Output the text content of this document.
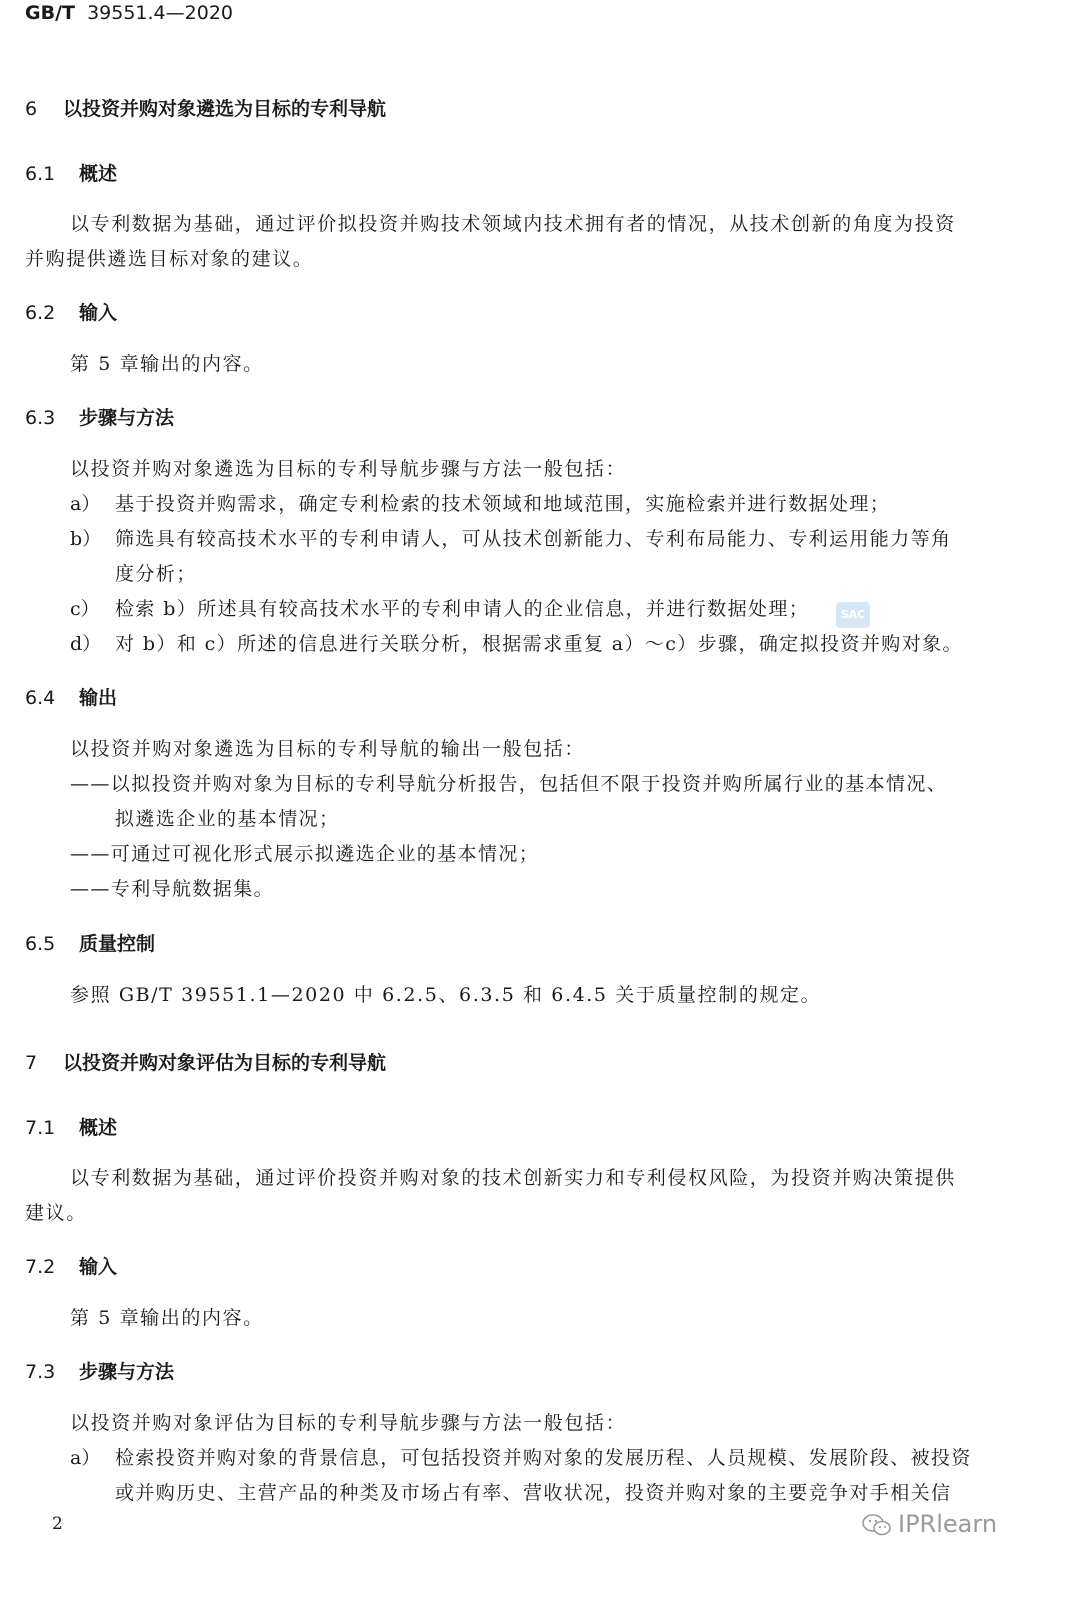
GB/T 39551.4—2020
6 以投资并购对象遴选为目标的专利导航
6.1 概述
以专利数据为基础，通过评价拟投资并购技术领域内技术拥有者的情况，从技术创新的角度为投资
并购提供遴选目标对象的建议。
6.2 输入
第 5 章输出的内容。
6.3 步骤与方法
以投资并购对象遴选为目标的专利导航步骤与方法一般包括：
a） 基于投资并购需求，确定专利检索的技术领域和地域范围，实施检索并进行数据处理；
b） 筛选具有较高技术水平的专利申请人，可从技术创新能力、专利布局能力、专利运用能力等角
度分析；
c） 检索 b）所述具有较高技术水平的专利申请人的企业信息，并进行数据处理；	SAC
d） 对 b）和 c）所述的信息进行关联分析，根据需求重复 a）～c）步骤，确定拟投资并购对象。
6.4 输出
以投资并购对象遴选为目标的专利导航的输出一般包括：
——以拟投资并购对象为目标的专利导航分析报告，包括但不限于投资并购所属行业的基本情况、
拟遴选企业的基本情况；
——可通过可视化形式展示拟遴选企业的基本情况；
——专利导航数据集。
6.5 质量控制
参照 GB/T 39551.1—2020 中 6.2.5、6.3.5 和 6.4.5 关于质量控制的规定。
7 以投资并购对象评估为目标的专利导航
7.1 概述
以专利数据为基础，通过评价投资并购对象的技术创新实力和专利侵权风险，为投资并购决策提供
建议。
7.2 输入
第 5 章输出的内容。
7.3 步骤与方法
以投资并购对象评估为目标的专利导航步骤与方法一般包括：
a） 检索投资并购对象的背景信息，可包括投资并购对象的发展历程、人员规模、发展阶段、被投资
或并购历史、主营产品的种类及市场占有率、营收状况，投资并购对象的主要竞争对手相关信
2	IPRlearn
